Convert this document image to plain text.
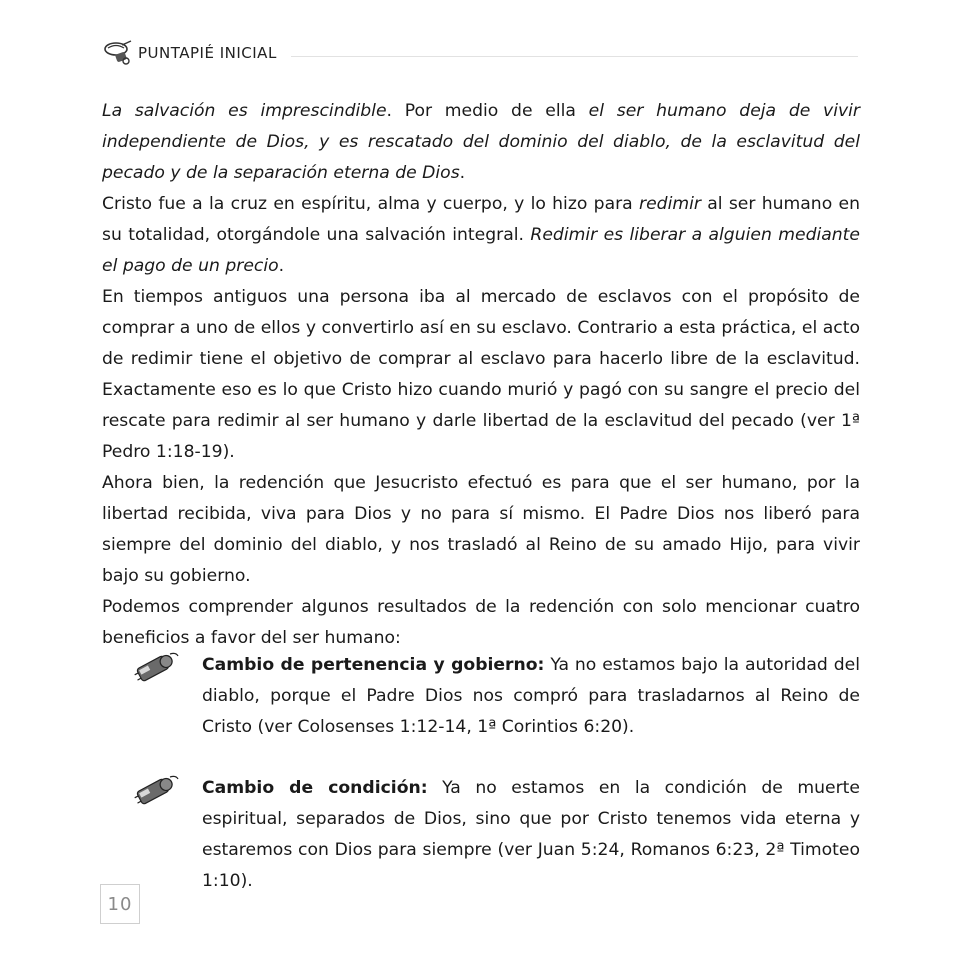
PUNTAPIÉ INICIAL

La salvación es imprescindible. Por medio de ella el ser humano deja de vivir independiente de Dios, y es rescatado del dominio del diablo, de la esclavitud del pecado y de la separación eterna de Dios.

Cristo fue a la cruz en espíritu, alma y cuerpo, y lo hizo para redimir al ser humano en su totalidad, otorgándole una salvación integral. Redimir es liberar a alguien mediante el pago de un precio.

En tiempos antiguos una persona iba al mercado de esclavos con el propósito de comprar a uno de ellos y convertirlo así en su esclavo. Contrario a esta práctica, el acto de redimir tiene el objetivo de comprar al esclavo para hacerlo libre de la esclavitud. Exactamente eso es lo que Cristo hizo cuando murió y pagó con su sangre el precio del rescate para redimir al ser humano y darle libertad de la esclavitud del pecado (ver 1ª Pedro 1:18-19).

Ahora bien, la redención que Jesucristo efectuó es para que el ser humano, por la libertad recibida, viva para Dios y no para sí mismo. El Padre Dios nos liberó para siempre del dominio del diablo, y nos trasladó al Reino de su amado Hijo, para vivir bajo su gobierno.

Podemos comprender algunos resultados de la redención con solo mencionar cuatro beneficios a favor del ser humano:

Cambio de pertenencia y gobierno: Ya no estamos bajo la autoridad del diablo, porque el Padre Dios nos compró para trasladarnos al Reino de Cristo (ver Colosenses 1:12-14, 1ª Corintios 6:20).
Cambio de condición: Ya no estamos en la condición de muerte espiritual, separados de Dios, sino que por Cristo tenemos vida eterna y estaremos con Dios para siempre (ver Juan 5:24, Romanos 6:23, 2ª Timoteo 1:10).
10
